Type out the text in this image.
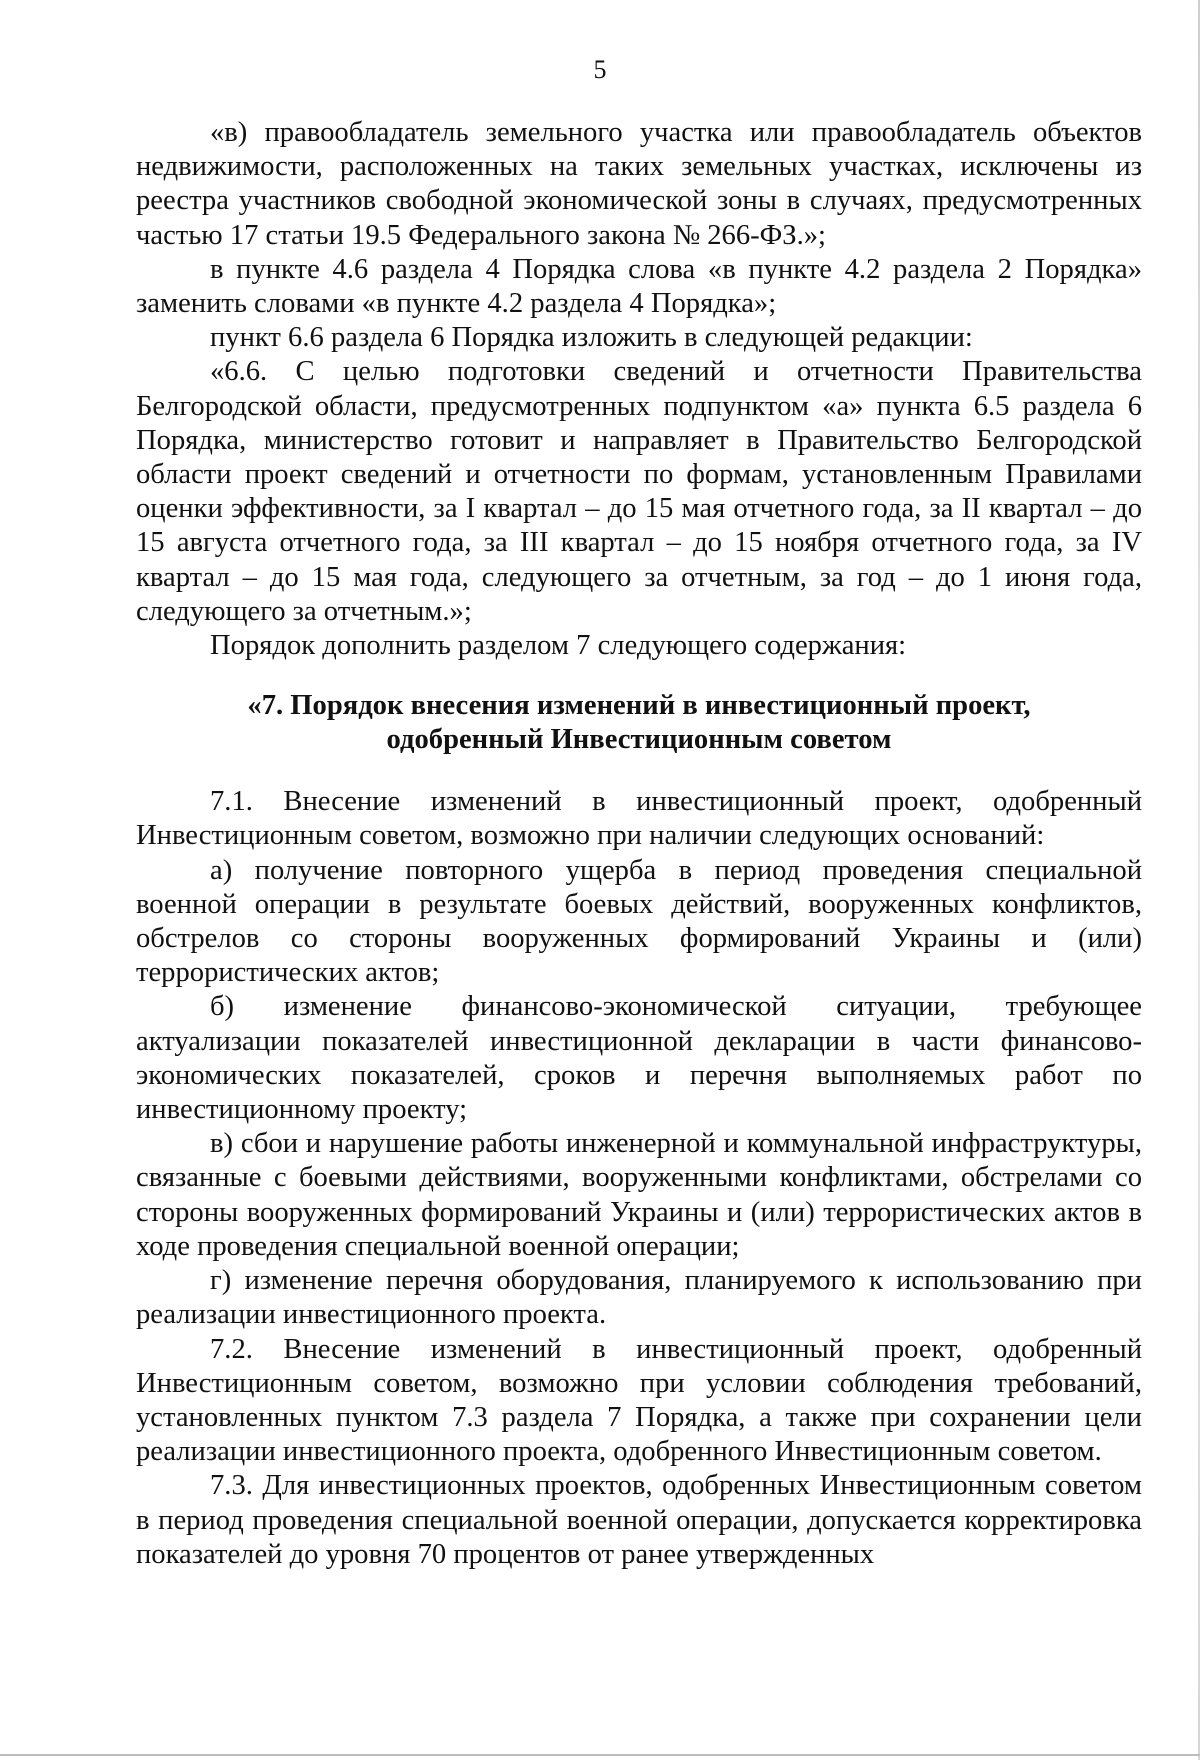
5

«в) правообладатель земельного участка или правообладатель объектов недвижимости, расположенных на таких земельных участках, исключены из реестра участников свободной экономической зоны в случаях, предусмотренных частью 17 статьи 19.5 Федерального закона № 266-ФЗ.»;

в пункте 4.6 раздела 4 Порядка слова «в пункте 4.2 раздела 2 Порядка» заменить словами «в пункте 4.2 раздела 4 Порядка»;

пункт 6.6 раздела 6 Порядка изложить в следующей редакции:

«6.6. С целью подготовки сведений и отчетности Правительства Белгородской области, предусмотренных подпунктом «а» пункта 6.5 раздела 6 Порядка, министерство готовит и направляет в Правительство Белгородской области проект сведений и отчетности по формам, установленным Правилами оценки эффективности, за I квартал – до 15 мая отчетного года, за II квартал – до 15 августа отчетного года, за III квартал – до 15 ноября отчетного года, за IV квартал – до 15 мая года, следующего за отчетным, за год – до 1 июня года, следующего за отчетным.»;

Порядок дополнить разделом 7 следующего содержания:

«7. Порядок внесения изменений в инвестиционный проект,
одобренный Инвестиционным советом

7.1. Внесение изменений в инвестиционный проект, одобренный Инвестиционным советом, возможно при наличии следующих оснований:

а) получение повторного ущерба в период проведения специальной военной операции в результате боевых действий, вооруженных конфликтов, обстрелов со стороны вооруженных формирований Украины и (или) террористических актов;

б) изменение финансово-экономической ситуации, требующее актуализации показателей инвестиционной декларации в части финансово-экономических показателей, сроков и перечня выполняемых работ по инвестиционному проекту;

в) сбои и нарушение работы инженерной и коммунальной инфраструктуры, связанные с боевыми действиями, вооруженными конфликтами, обстрелами со стороны вооруженных формирований Украины и (или) террористических актов в ходе проведения специальной военной операции;

г) изменение перечня оборудования, планируемого к использованию при реализации инвестиционного проекта.

7.2. Внесение изменений в инвестиционный проект, одобренный Инвестиционным советом, возможно при условии соблюдения требований, установленных пунктом 7.3 раздела 7 Порядка, а также при сохранении цели реализации инвестиционного проекта, одобренного Инвестиционным советом.

7.3. Для инвестиционных проектов, одобренных Инвестиционным советом в период проведения специальной военной операции, допускается корректировка показателей до уровня 70 процентов от ранее утвержденных
